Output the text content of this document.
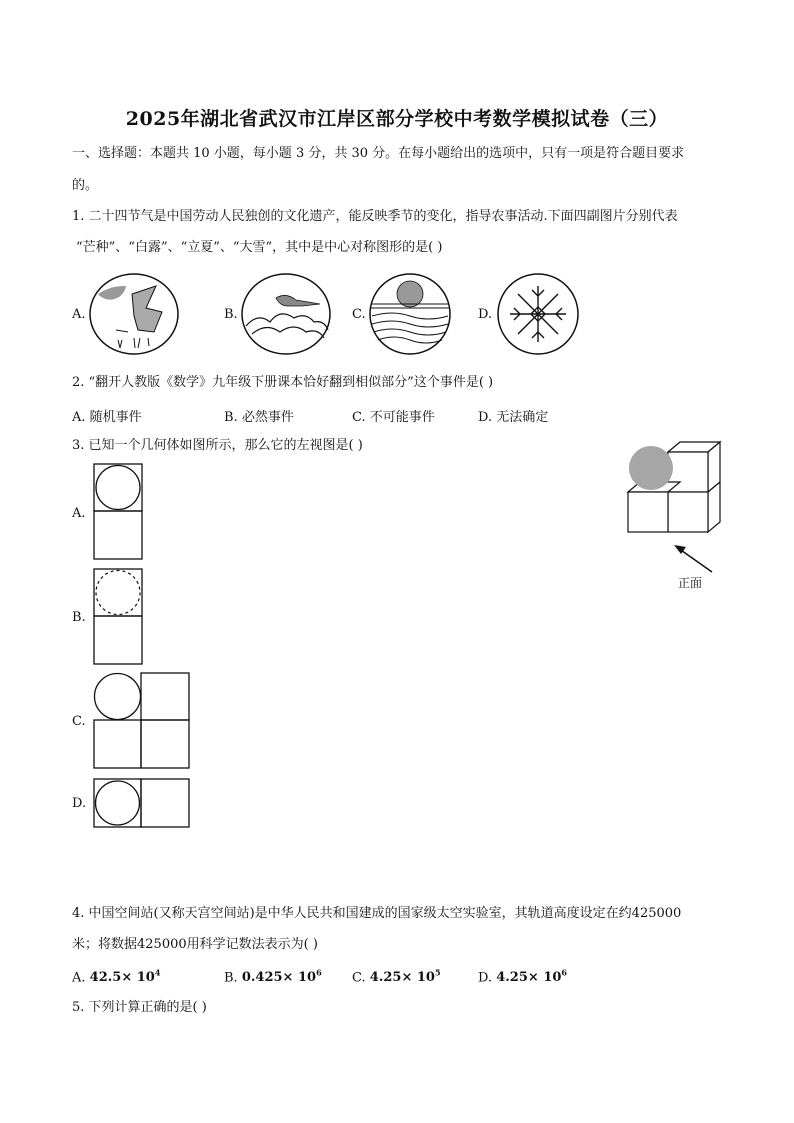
2025年湖北省武汉市江岸区部分学校中考数学模拟试卷（三）
一、选择题：本题共 10 小题，每小题 3 分，共 30 分。在每小题给出的选项中，只有一项是符合题目要求
的。
1. 二十四节气是中国劳动人民独创的文化遗产，能反映季节的变化，指导农事活动.下面四副图片分别代表
“芒种”、“白露”、“立夏”、“大雪”，其中是中心对称图形的是( )
A.	B.	C.	D.
2. “翻开人教版《数学》九年级下册课本恰好翻到相似部分”这个事件是( )
A. 随机事件	B. 必然事件	C. 不可能事件	D. 无法确定
3. 已知一个几何体如图所示，那么它的左视图是( )
A.
B.
C.
D.
正面
4. 中国空间站(又称天宫空间站)是中华人民共和国建成的国家级太空实验室，其轨道高度设定在约425000
米；将数据425000用科学记数法表示为( )
A. $42.5\times 10^4$	B. $0.425\times 10^6$ C. $4.25\times 10^5$	D. $4.25\times 10^6$
5. 下列计算正确的是( )
